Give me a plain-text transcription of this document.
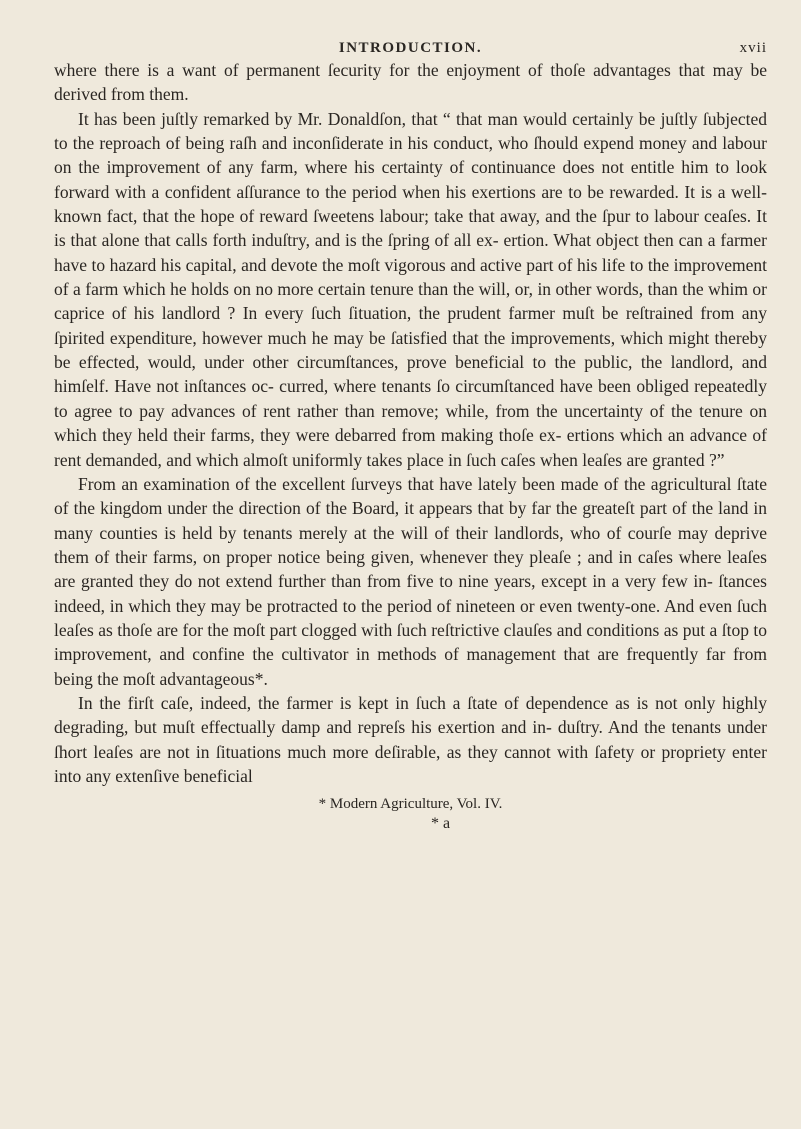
INTRODUCTION.	xvii

where there is a want of permanent ſecurity for the enjoyment of thoſe advantages that may be derived from them.

It has been juſtly remarked by Mr. Donaldſon, that “ that man would certainly be juſtly ſubjected to the reproach of being raſh and inconſiderate in his conduct, who ſhould expend money and labour on the improvement of any farm, where his certainty of continuance does not entitle him to look forward with a confident aſſurance to the period when his exertions are to be rewarded. It is a well-known fact, that the hope of reward ſweetens labour; take that away, and the ſpur to labour ceaſes. It is that alone that calls forth induſtry, and is the ſpring of all ex- ertion. What object then can a farmer have to hazard his capital, and devote the moſt vigorous and active part of his life to the improvement of a farm which he holds on no more certain tenure than the will, or, in other words, than the whim or caprice of his landlord ? In every ſuch ſituation, the prudent farmer muſt be reſtrained from any ſpirited expenditure, however much he may be ſatisfied that the improvements, which might thereby be effected, would, under other circumſtances, prove beneficial to the public, the landlord, and himſelf. Have not inſtances oc- curred, where tenants ſo circumſtanced have been obliged repeatedly to agree to pay advances of rent rather than remove; while, from the uncertainty of the tenure on which they held their farms, they were debarred from making thoſe ex- ertions which an advance of rent demanded, and which almoſt uniformly takes place in ſuch caſes when leaſes are granted ?”

From an examination of the excellent ſurveys that have lately been made of the agricultural ſtate of the kingdom under the direction of the Board, it appears that by far the greateſt part of the land in many counties is held by tenants merely at the will of their landlords, who of courſe may deprive them of their farms, on proper notice being given, whenever they pleaſe ; and in caſes where leaſes are granted they do not extend further than from five to nine years, except in a very few in- ſtances indeed, in which they may be protracted to the period of nineteen or even twenty-one. And even ſuch leaſes as thoſe are for the moſt part clogged with ſuch reſtrictive clauſes and conditions as put a ſtop to improvement, and confine the cultivator in methods of management that are frequently far from being the moſt advantageous*.

In the firſt caſe, indeed, the farmer is kept in ſuch a ſtate of dependence as is not only highly degrading, but muſt effectually damp and repreſs his exertion and in- duſtry. And the tenants under ſhort leaſes are not in ſituations much more deſirable, as they cannot with ſafety or propriety enter into any extenſive beneficial

* Modern Agriculture, Vol. IV.
* a
